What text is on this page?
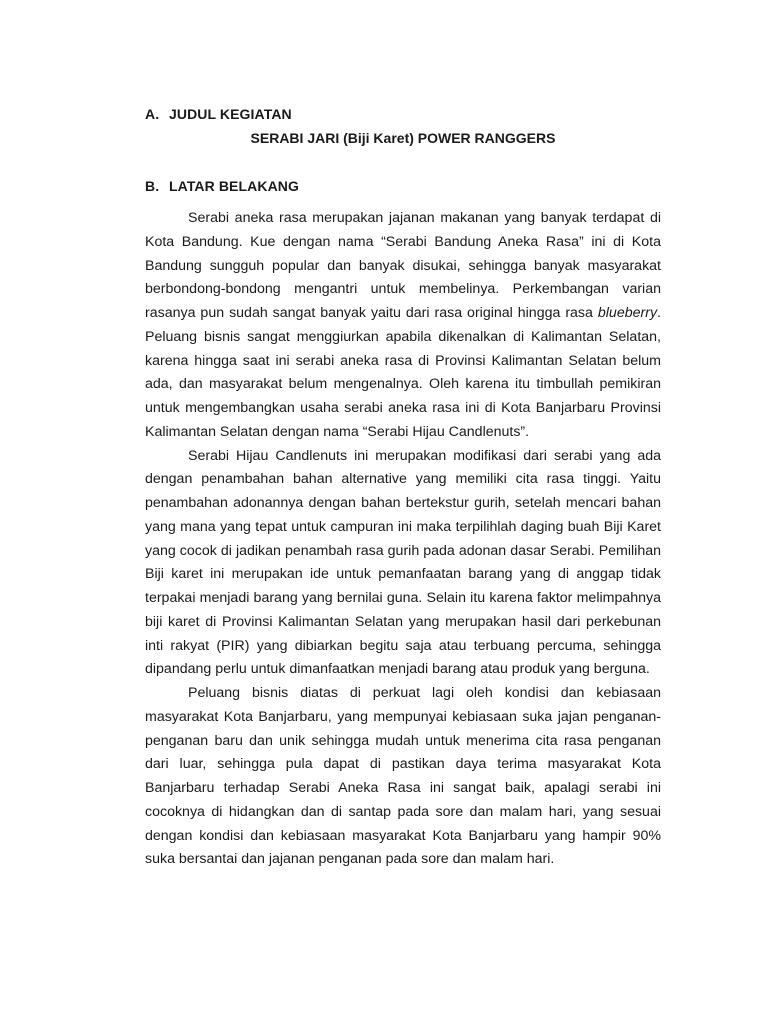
A. JUDUL KEGIATAN
SERABI JARI (Biji Karet) POWER RANGGERS
B. LATAR BELAKANG

Serabi aneka rasa merupakan jajanan makanan yang banyak terdapat di Kota Bandung. Kue dengan nama “Serabi Bandung Aneka Rasa” ini di Kota Bandung sungguh popular dan banyak disukai, sehingga banyak masyarakat berbondong-bondong mengantri untuk membelinya. Perkembangan varian rasanya pun sudah sangat banyak yaitu dari rasa original hingga rasa blueberry. Peluang bisnis sangat menggiurkan apabila dikenalkan di Kalimantan Selatan, karena hingga saat ini serabi aneka rasa di Provinsi Kalimantan Selatan belum ada, dan masyarakat belum mengenalnya. Oleh karena itu timbullah pemikiran untuk mengembangkan usaha serabi aneka rasa ini di Kota Banjarbaru Provinsi Kalimantan Selatan dengan nama “Serabi Hijau Candlenuts”.

Serabi Hijau Candlenuts ini merupakan modifikasi dari serabi yang ada dengan penambahan bahan alternative yang memiliki cita rasa tinggi. Yaitu penambahan adonannya dengan bahan bertekstur gurih, setelah mencari bahan yang mana yang tepat untuk campuran ini maka terpilihlah daging buah Biji Karet yang cocok di jadikan penambah rasa gurih pada adonan dasar Serabi. Pemilihan Biji karet ini merupakan ide untuk pemanfaatan barang yang di anggap tidak terpakai menjadi barang yang bernilai guna. Selain itu karena faktor melimpahnya biji karet di Provinsi Kalimantan Selatan yang merupakan hasil dari perkebunan inti rakyat (PIR) yang dibiarkan begitu saja atau terbuang percuma, sehingga dipandang perlu untuk dimanfaatkan menjadi barang atau produk yang berguna.

Peluang bisnis diatas di perkuat lagi oleh kondisi dan kebiasaan masyarakat Kota Banjarbaru, yang mempunyai kebiasaan suka jajan penganan-penganan baru dan unik sehingga mudah untuk menerima cita rasa penganan dari luar, sehingga pula dapat di pastikan daya terima masyarakat Kota Banjarbaru terhadap Serabi Aneka Rasa ini sangat baik, apalagi serabi ini cocoknya di hidangkan dan di santap pada sore dan malam hari, yang sesuai dengan kondisi dan kebiasaan masyarakat Kota Banjarbaru yang hampir 90% suka bersantai dan jajanan penganan pada sore dan malam hari.
